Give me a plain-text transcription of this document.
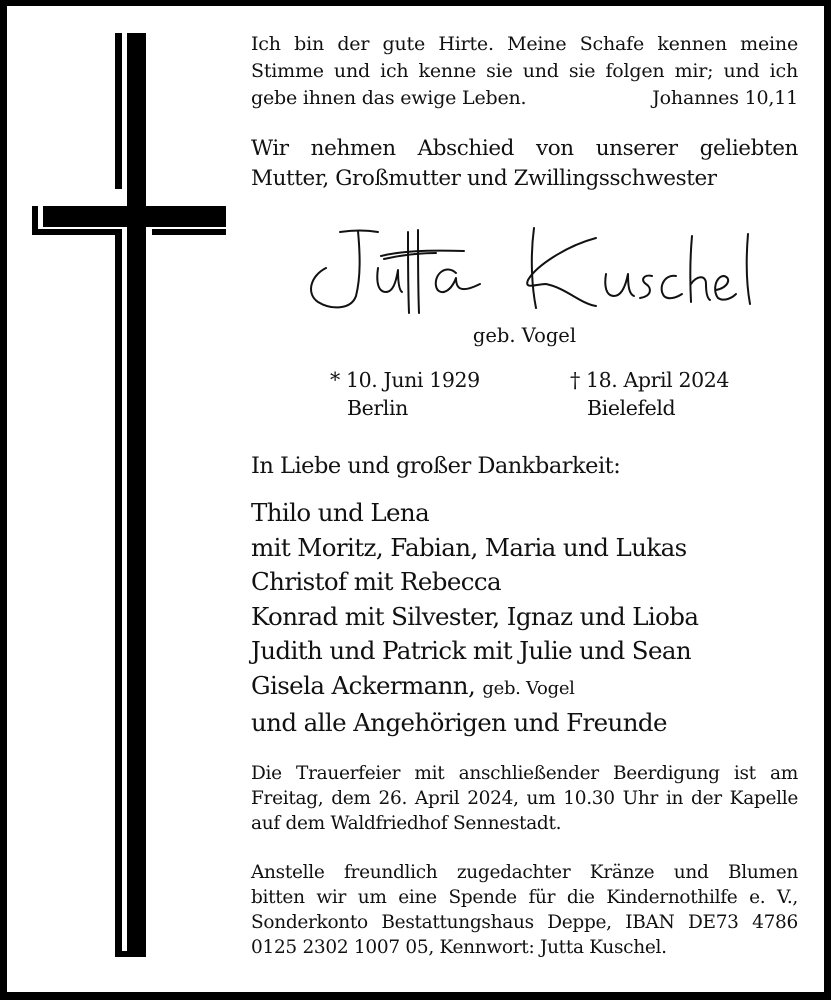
Ich bin der gute Hirte. Meine Schafe kennen meine
Stimme und ich kenne sie und sie folgen mir; und ich
gebe ihnen das ewige Leben.	Johannes 10,11
Wir nehmen Abschied von unserer geliebten
Mutter, Großmutter und Zwillingsschwester
geb. Vogel
* 10. Juni 1929
Berlin
† 18. April 2024
Bielefeld
In Liebe und großer Dankbarkeit:
Thilo und Lena
mit Moritz, Fabian, Maria und Lukas
Christof mit Rebecca
Konrad mit Silvester, Ignaz und Lioba
Judith und Patrick mit Julie und Sean
Gisela Ackermann, geb. Vogel
und alle Angehörigen und Freunde
Die Trauerfeier mit anschließender Beerdigung ist am
Freitag, dem 26. April 2024, um 10.30 Uhr in der Kapelle
auf dem Waldfriedhof Sennestadt.
Anstelle freundlich zugedachter Kränze und Blumen
bitten wir um eine Spende für die Kindernothilfe e. V.,
Sonderkonto Bestattungshaus Deppe, IBAN DE73 4786
0125 2302 1007 05, Kennwort: Jutta Kuschel.
